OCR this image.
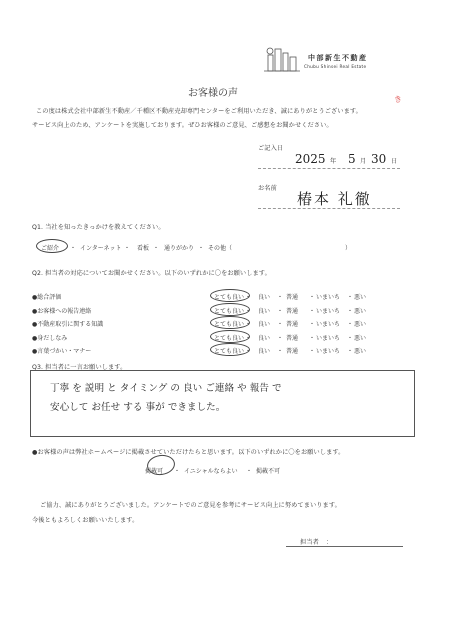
中部新生不動産
Chubu Shinsei Real Estate
き
お客様の声
この度は株式会社中部新生不動産／千種区不動産売却専門センターをご利用いただき、誠にありがとうございます。
サービス向上のため、アンケートを実施しております。ぜひお客様のご意見、ご感想をお聞かせください。
ご記入日
2025 年 5 月 30 日
お名前
椿本 礼徹
Q1. 当社を知ったきっかけを教えてください。
ご紹介 ・ インターネット ・ 看板 ・ 通りがかり ・ その他（	）
Q2. 担当者の対応についてお聞かせください。以下のいずれかに〇をお願いします。
●総合評価	とても良い ・ 良い ・ 普通 ・ いまいち ・ 悪い
●お客様への報告連絡	とても良い ・ 良い ・ 普通 ・ いまいち ・ 悪い
●不動産取引に関する知識	とても良い ・ 良い ・ 普通 ・ いまいち ・ 悪い
●身だしなみ	とても良い ・ 良い ・ 普通 ・ いまいち ・ 悪い
●言葉づかい・マナー	とても良い ・ 良い ・ 普通 ・ いまいち ・ 悪い
Q3. 担当者に一言お願いします。
丁寧 を 説明 と タイミング の 良い ご連絡 や 報告 で
安心して お任せ する 事が できました。
●お客様の声は弊社ホームページに掲載させていただけたらと思います。以下のいずれかに〇をお願いします。
掲載可 ・ イニシャルならよい ・ 掲載不可
ご協力、誠にありがとうございました。アンケートでのご意見を参考にサービス向上に努めてまいります。
今後ともよろしくお願いいたします。
担当者 ：
